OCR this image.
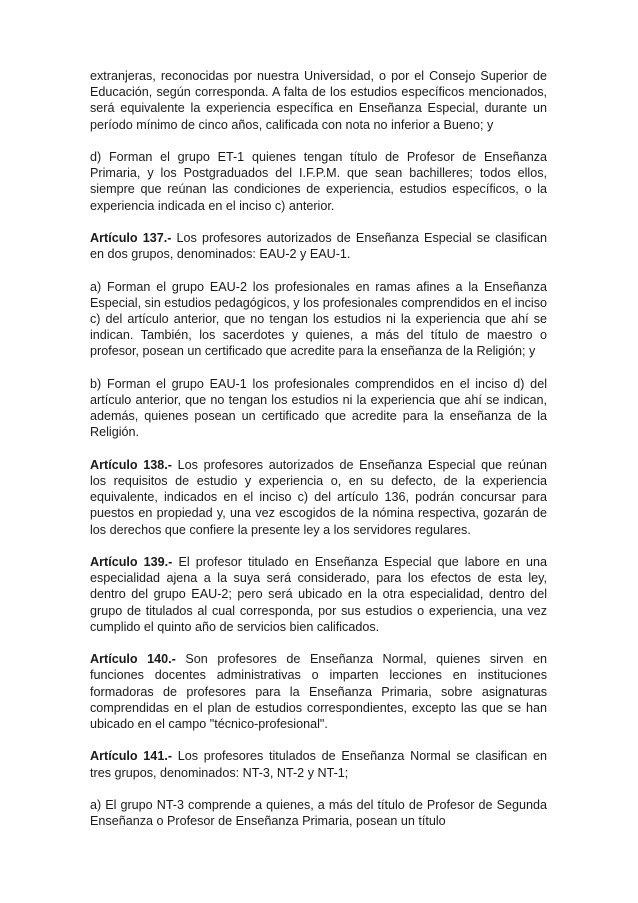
extranjeras, reconocidas por nuestra Universidad, o por el Consejo Superior de Educación, según corresponda. A falta de los estudios específicos mencionados, será equivalente la experiencia específica en Enseñanza Especial, durante un período mínimo de cinco años, calificada con nota no inferior a Bueno; y

d) Forman el grupo ET-1 quienes tengan título de Profesor de Enseñanza Primaria, y los Postgraduados del I.F.P.M. que sean bachilleres; todos ellos, siempre que reúnan las condiciones de experiencia, estudios específicos, o la experiencia indicada en el inciso c) anterior.

Artículo 137.- Los profesores autorizados de Enseñanza Especial se clasifican en dos grupos, denominados: EAU-2 y EAU-1.

a) Forman el grupo EAU-2 los profesionales en ramas afines a la Enseñanza Especial, sin estudios pedagógicos, y los profesionales comprendidos en el inciso c) del artículo anterior, que no tengan los estudios ni la experiencia que ahí se indican. También, los sacerdotes y quienes, a más del título de maestro o profesor, posean un certificado que acredite para la enseñanza de la Religión; y

b) Forman el grupo EAU-1 los profesionales comprendidos en el inciso d) del artículo anterior, que no tengan los estudios ni la experiencia que ahí se indican, además, quienes posean un certificado que acredite para la enseñanza de la Religión.

Artículo 138.- Los profesores autorizados de Enseñanza Especial que reúnan los requisitos de estudio y experiencia o, en su defecto, de la experiencia equivalente, indicados en el inciso c) del artículo 136, podrán concursar para puestos en propiedad y, una vez escogidos de la nómina respectiva, gozarán de los derechos que confiere la presente ley a los servidores regulares.

Artículo 139.- El profesor titulado en Enseñanza Especial que labore en una especialidad ajena a la suya será considerado, para los efectos de esta ley, dentro del grupo EAU-2; pero será ubicado en la otra especialidad, dentro del grupo de titulados al cual corresponda, por sus estudios o experiencia, una vez cumplido el quinto año de servicios bien calificados.

Artículo 140.- Son profesores de Enseñanza Normal, quienes sirven en funciones docentes administrativas o imparten lecciones en instituciones formadoras de profesores para la Enseñanza Primaria, sobre asignaturas comprendidas en el plan de estudios correspondientes, excepto las que se han ubicado en el campo "técnico-profesional".

Artículo 141.- Los profesores titulados de Enseñanza Normal se clasifican en tres grupos, denominados: NT-3, NT-2 y NT-1;

a) El grupo NT-3 comprende a quienes, a más del título de Profesor de Segunda Enseñanza o Profesor de Enseñanza Primaria, posean un título
